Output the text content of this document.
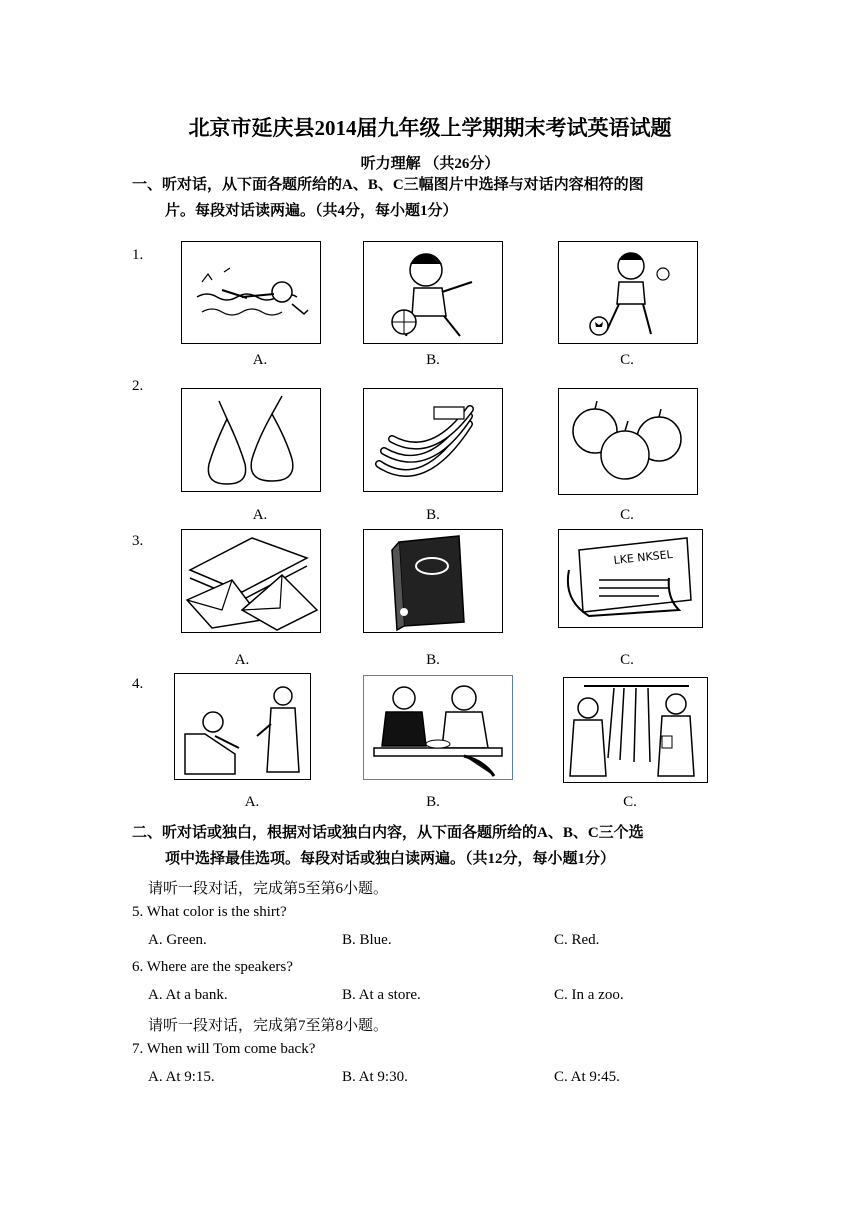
北京市延庆县2014届九年级上学期期末考试英语试题
听力理解 （共26分）
一、听对话，从下面各题所给的A、B、C三幅图片中选择与对话内容相符的图
片。每段对话读两遍。（共4分，每小题1分）
1.
A.	B.	C.
2.
A.	B.	C.
3.
LKE NKSEL
A.	B.	C.
4.
A.	B.	C.
二、听对话或独白，根据对话或独白内容，从下面各题所给的A、B、C三个选
项中选择最佳选项。每段对话或独白读两遍。（共12分，每小题1分）
请听一段对话，完成第5至第6小题。
5. What color is the shirt?
A. Green.	B. Blue.	C. Red.
6. Where are the speakers?
A. At a bank.	B. At a store.	C. In a zoo.
请听一段对话，完成第7至第8小题。
7. When will Tom come back?
A. At 9:15.	B. At 9:30.	C. At 9:45.
